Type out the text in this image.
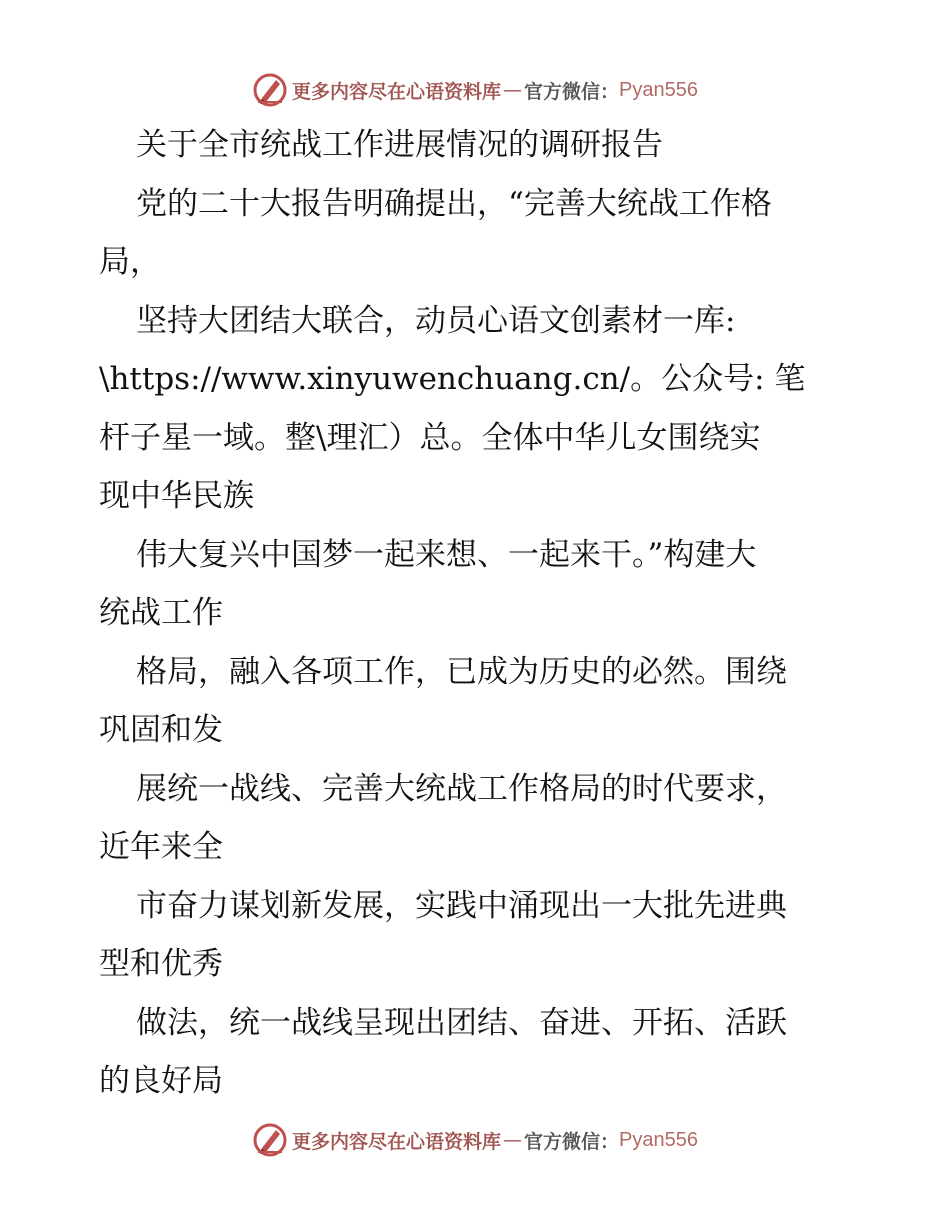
更多内容尽在心语资料库 — 官方微信： Pyan556
关于全市统战工作进展情况的调研报告
党的二十大报告明确提出，“完善大统战工作格
局，
坚持大团结大联合，动员心语文创素材一库:
\https://www.xinyuwenchuang.cn/。公众号: 笔
杆子星一域。整\理汇）总。全体中华儿女围绕实
现中华民族
伟大复兴中国梦一起来想、一起来干。”构建大
统战工作
格局，融入各项工作，已成为历史的必然。围绕
巩固和发
展统一战线、完善大统战工作格局的时代要求，
近年来全
市奋力谋划新发展，实践中涌现出一大批先进典
型和优秀
做法，统一战线呈现出团结、奋进、开拓、活跃
的良好局
更多内容尽在心语资料库 — 官方微信： Pyan556
